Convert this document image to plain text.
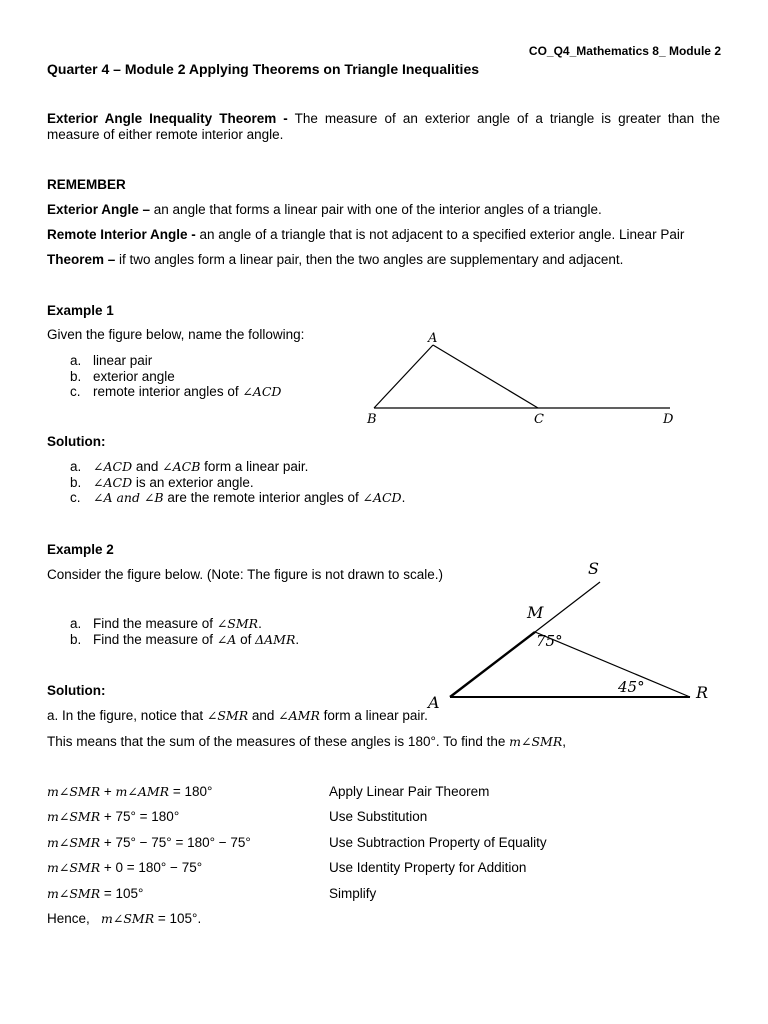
CO_Q4_Mathematics 8_ Module 2
Quarter 4 – Module 2 Applying Theorems on Triangle Inequalities
Exterior Angle Inequality Theorem - The measure of an exterior angle of a triangle is greater than the measure of either remote interior angle.
REMEMBER
Exterior Angle – an angle that forms a linear pair with one of the interior angles of a triangle.
Remote Interior Angle - an angle of a triangle that is not adjacent to a specified exterior angle. Linear Pair
Theorem – if two angles form a linear pair, then the two angles are supplementary and adjacent.
Example 1
Given the figure below, name the following:
a. linear pair
b. exterior angle
c. remote interior angles of ∠ACD
A
B	C	D
Solution:
a. ∠ACD and ∠ACB form a linear pair.
b. ∠ACD is an exterior angle.
c. ∠A and ∠B are the remote interior angles of ∠ACD.
Example 2
Consider the figure below. (Note: The figure is not drawn to scale.)
a. Find the measure of ∠SMR.
b. Find the measure of ∠A of ΔAMR.
S
M
A
R
75°
45°
Solution:
a. In the figure, notice that ∠SMR and ∠AMR form a linear pair.
This means that the sum of the measures of these angles is 180°. To find the m∠SMR,
m∠SMR + m∠AMR = 180°	Apply Linear Pair Theorem
m∠SMR + 75° = 180°	Use Substitution
m∠SMR + 75° − 75° = 180° − 75°	Use Subtraction Property of Equality
m∠SMR + 0 = 180° − 75°	Use Identity Property for Addition
m∠SMR = 105°	Simplify
Hence,   m∠SMR = 105°.
